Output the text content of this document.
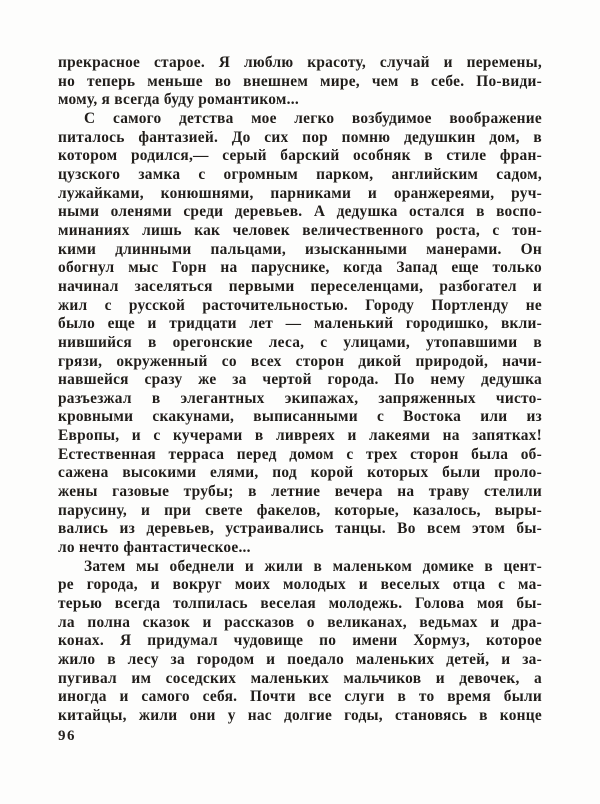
прекрасное старое. Я люблю красоту, случай и перемены,
но теперь меньше во внешнем мире, чем в себе. По-види-
мому, я всегда буду романтиком...
С самого детства мое легко возбудимое воображение
питалось фантазией. До сих пор помню дедушкин дом, в
котором родился,— серый барский особняк в стиле фран-
цузского замка с огромным парком, английским садом,
лужайками, конюшнями, парниками и оранжереями, руч-
ными оленями среди деревьев. А дедушка остался в воспо-
минаниях лишь как человек величественного роста, с тон-
кими длинными пальцами, изысканными манерами. Он
обогнул мыс Горн на паруснике, когда Запад еще только
начинал заселяться первыми переселенцами, разбогател и
жил с русской расточительностью. Городу Портленду не
было еще и тридцати лет — маленький городишко, вкли-
нившийся в орегонские леса, с улицами, утопавшими в
грязи, окруженный со всех сторон дикой природой, начи-
навшейся сразу же за чертой города. По нему дедушка
разъезжал в элегантных экипажах, запряженных чисто-
кровными скакунами, выписанными с Востока или из
Европы, и с кучерами в ливреях и лакеями на запятках!
Естественная терраса перед домом с трех сторон была об-
сажена высокими елями, под корой которых были проло-
жены газовые трубы; в летние вечера на траву стелили
парусину, и при свете факелов, которые, казалось, выры-
вались из деревьев, устраивались танцы. Во всем этом бы-
ло нечто фантастическое...
Затем мы обеднели и жили в маленьком домике в цент-
ре города, и вокруг моих молодых и веселых отца с ма-
терью всегда толпилась веселая молодежь. Голова моя бы-
ла полна сказок и рассказов о великанах, ведьмах и дра-
конах. Я придумал чудовище по имени Хормуз, которое
жило в лесу за городом и поедало маленьких детей, и за-
пугивал им соседских маленьких мальчиков и девочек, а
иногда и самого себя. Почти все слуги в то время были
китайцы, жили они у нас долгие годы, становясь в конце
96
